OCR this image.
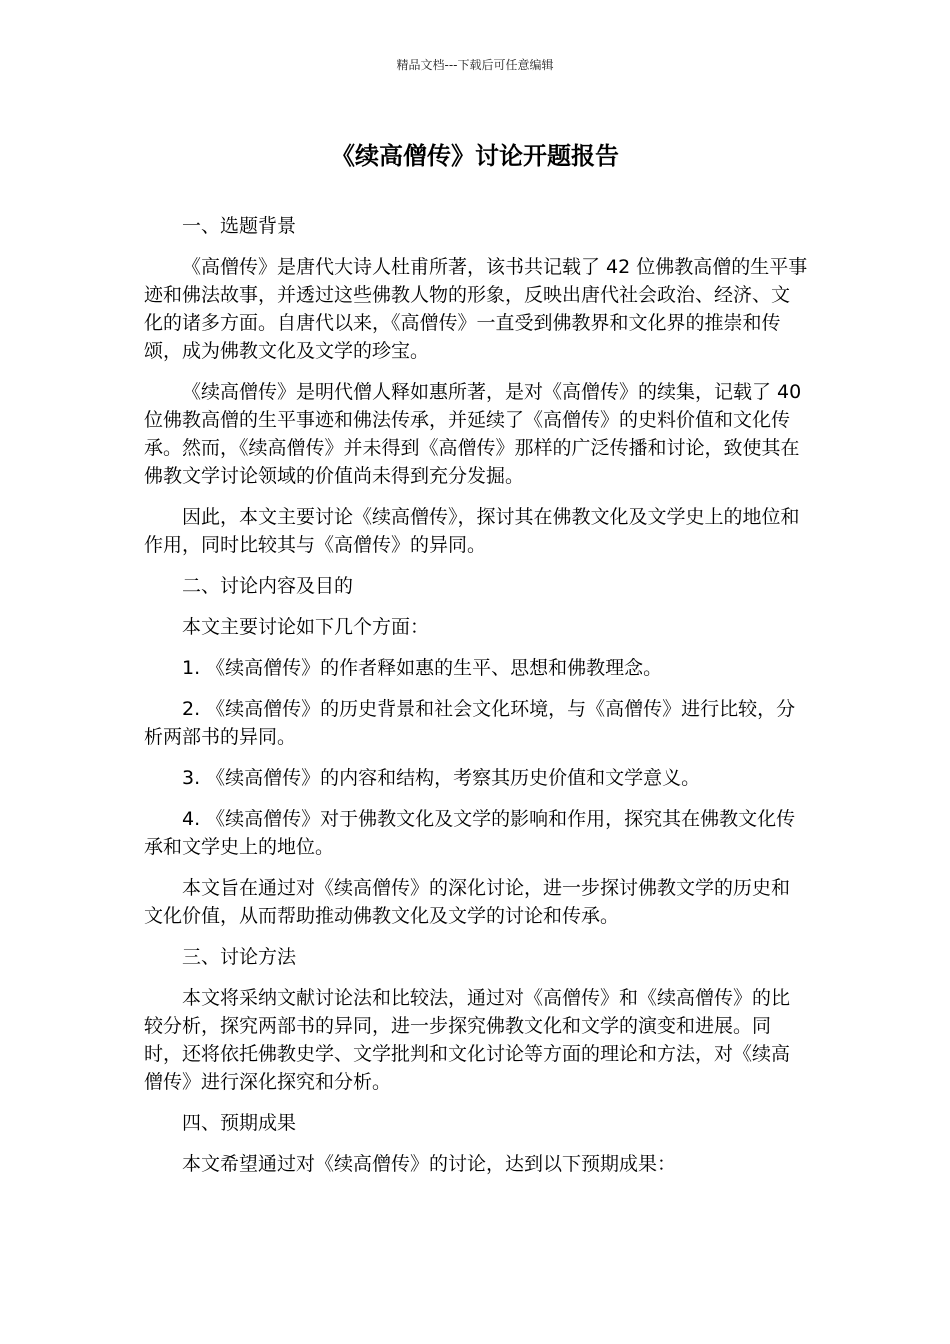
精品文档---下载后可任意编辑
《续高僧传》讨论开题报告

一、选题背景

《高僧传》是唐代大诗人杜甫所著，该书共记载了 42 位佛教高僧的生平事迹和佛法故事，并透过这些佛教人物的形象，反映出唐代社会政治、经济、文化的诸多方面。自唐代以来，《高僧传》一直受到佛教界和文化界的推崇和传颂，成为佛教文化及文学的珍宝。

《续高僧传》是明代僧人释如惠所著，是对《高僧传》的续集，记载了 40 位佛教高僧的生平事迹和佛法传承，并延续了《高僧传》的史料价值和文化传承。然而，《续高僧传》并未得到《高僧传》那样的广泛传播和讨论，致使其在佛教文学讨论领域的价值尚未得到充分发掘。

因此，本文主要讨论《续高僧传》，探讨其在佛教文化及文学史上的地位和作用，同时比较其与《高僧传》的异同。

二、讨论内容及目的

本文主要讨论如下几个方面：

1. 《续高僧传》的作者释如惠的生平、思想和佛教理念。

2. 《续高僧传》的历史背景和社会文化环境，与《高僧传》进行比较，分析两部书的异同。

3. 《续高僧传》的内容和结构，考察其历史价值和文学意义。

4. 《续高僧传》对于佛教文化及文学的影响和作用，探究其在佛教文化传承和文学史上的地位。

本文旨在通过对《续高僧传》的深化讨论，进一步探讨佛教文学的历史和文化价值，从而帮助推动佛教文化及文学的讨论和传承。

三、讨论方法

本文将采纳文献讨论法和比较法，通过对《高僧传》和《续高僧传》的比较分析，探究两部书的异同，进一步探究佛教文化和文学的演变和进展。同时，还将依托佛教史学、文学批判和文化讨论等方面的理论和方法，对《续高僧传》进行深化探究和分析。

四、预期成果

本文希望通过对《续高僧传》的讨论，达到以下预期成果：
